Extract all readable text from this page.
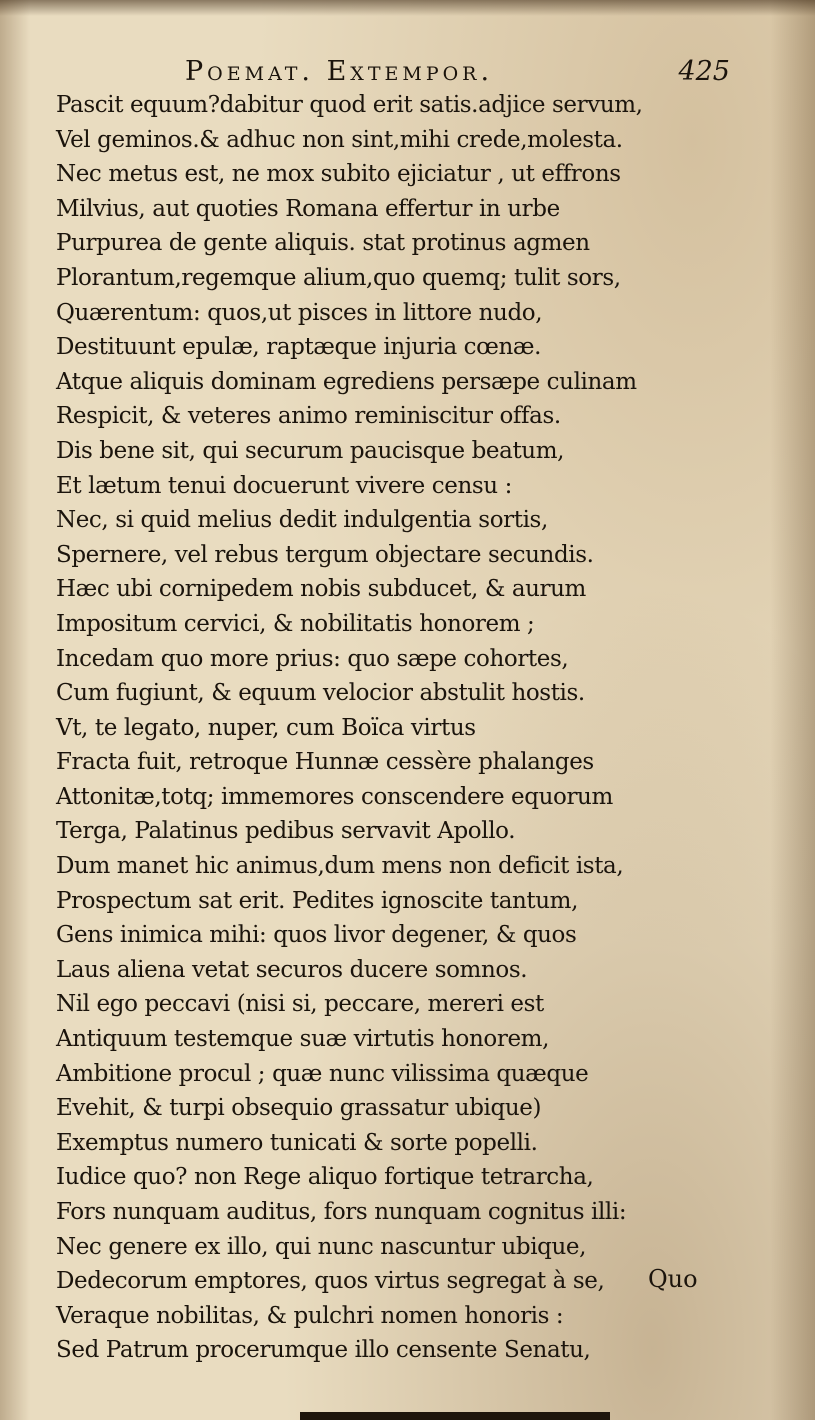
Poemat. Extempor.	425
Pascit equum?dabitur quod erit satis.adjice servum,
Vel geminos.& adhuc non sint,mihi crede,molesta.
Nec metus est, ne mox subito ejiciatur , ut effrons
Milvius, aut quoties Romana effertur in urbe
Purpurea de gente aliquis. stat protinus agmen
Plorantum,regemque alium,quo quemq; tulit sors,
Quærentum: quos,ut pisces in littore nudo,
Destituunt epulæ, raptæque injuria cœnæ.
Atque aliquis dominam egrediens persæpe culinam
Respicit, & veteres animo reminiscitur offas.
Dis bene sit, qui securum paucisque beatum,
Et lætum tenui docuerunt vivere censu :
Nec, si quid melius dedit indulgentia sortis,
Spernere, vel rebus tergum objectare secundis.
Hæc ubi cornipedem nobis subducet, & aurum
Impositum cervici, & nobilitatis honorem ;
Incedam quo more prius: quo sæpe cohortes,
Cum fugiunt, & equum velocior abstulit hostis.
Vt, te legato, nuper, cum Boïca virtus
Fracta fuit, retroque Hunnæ cessère phalanges
Attonitæ,totq; immemores conscendere equorum
Terga, Palatinus pedibus servavit Apollo.
Dum manet hic animus,dum mens non deficit ista,
Prospectum sat erit. Pedites ignoscite tantum,
Gens inimica mihi: quos livor degener, & quos
Laus aliena vetat securos ducere somnos.
Nil ego peccavi (nisi si, peccare, mereri est
Antiquum testemque suæ virtutis honorem,
Ambitione procul ; quæ nunc vilissima quæque
Evehit, & turpi obsequio grassatur ubique)
Exemptus numero tunicati & sorte popelli.
Iudice quo? non Rege aliquo fortique tetrarcha,
Fors nunquam auditus, fors nunquam cognitus illi:
Nec genere ex illo, qui nunc nascuntur ubique,
Dedecorum emptores, quos virtus segregat à se,
Veraque nobilitas, & pulchri nomen honoris :
Sed Patrum procerumque illo censente Senatu,
Quo
